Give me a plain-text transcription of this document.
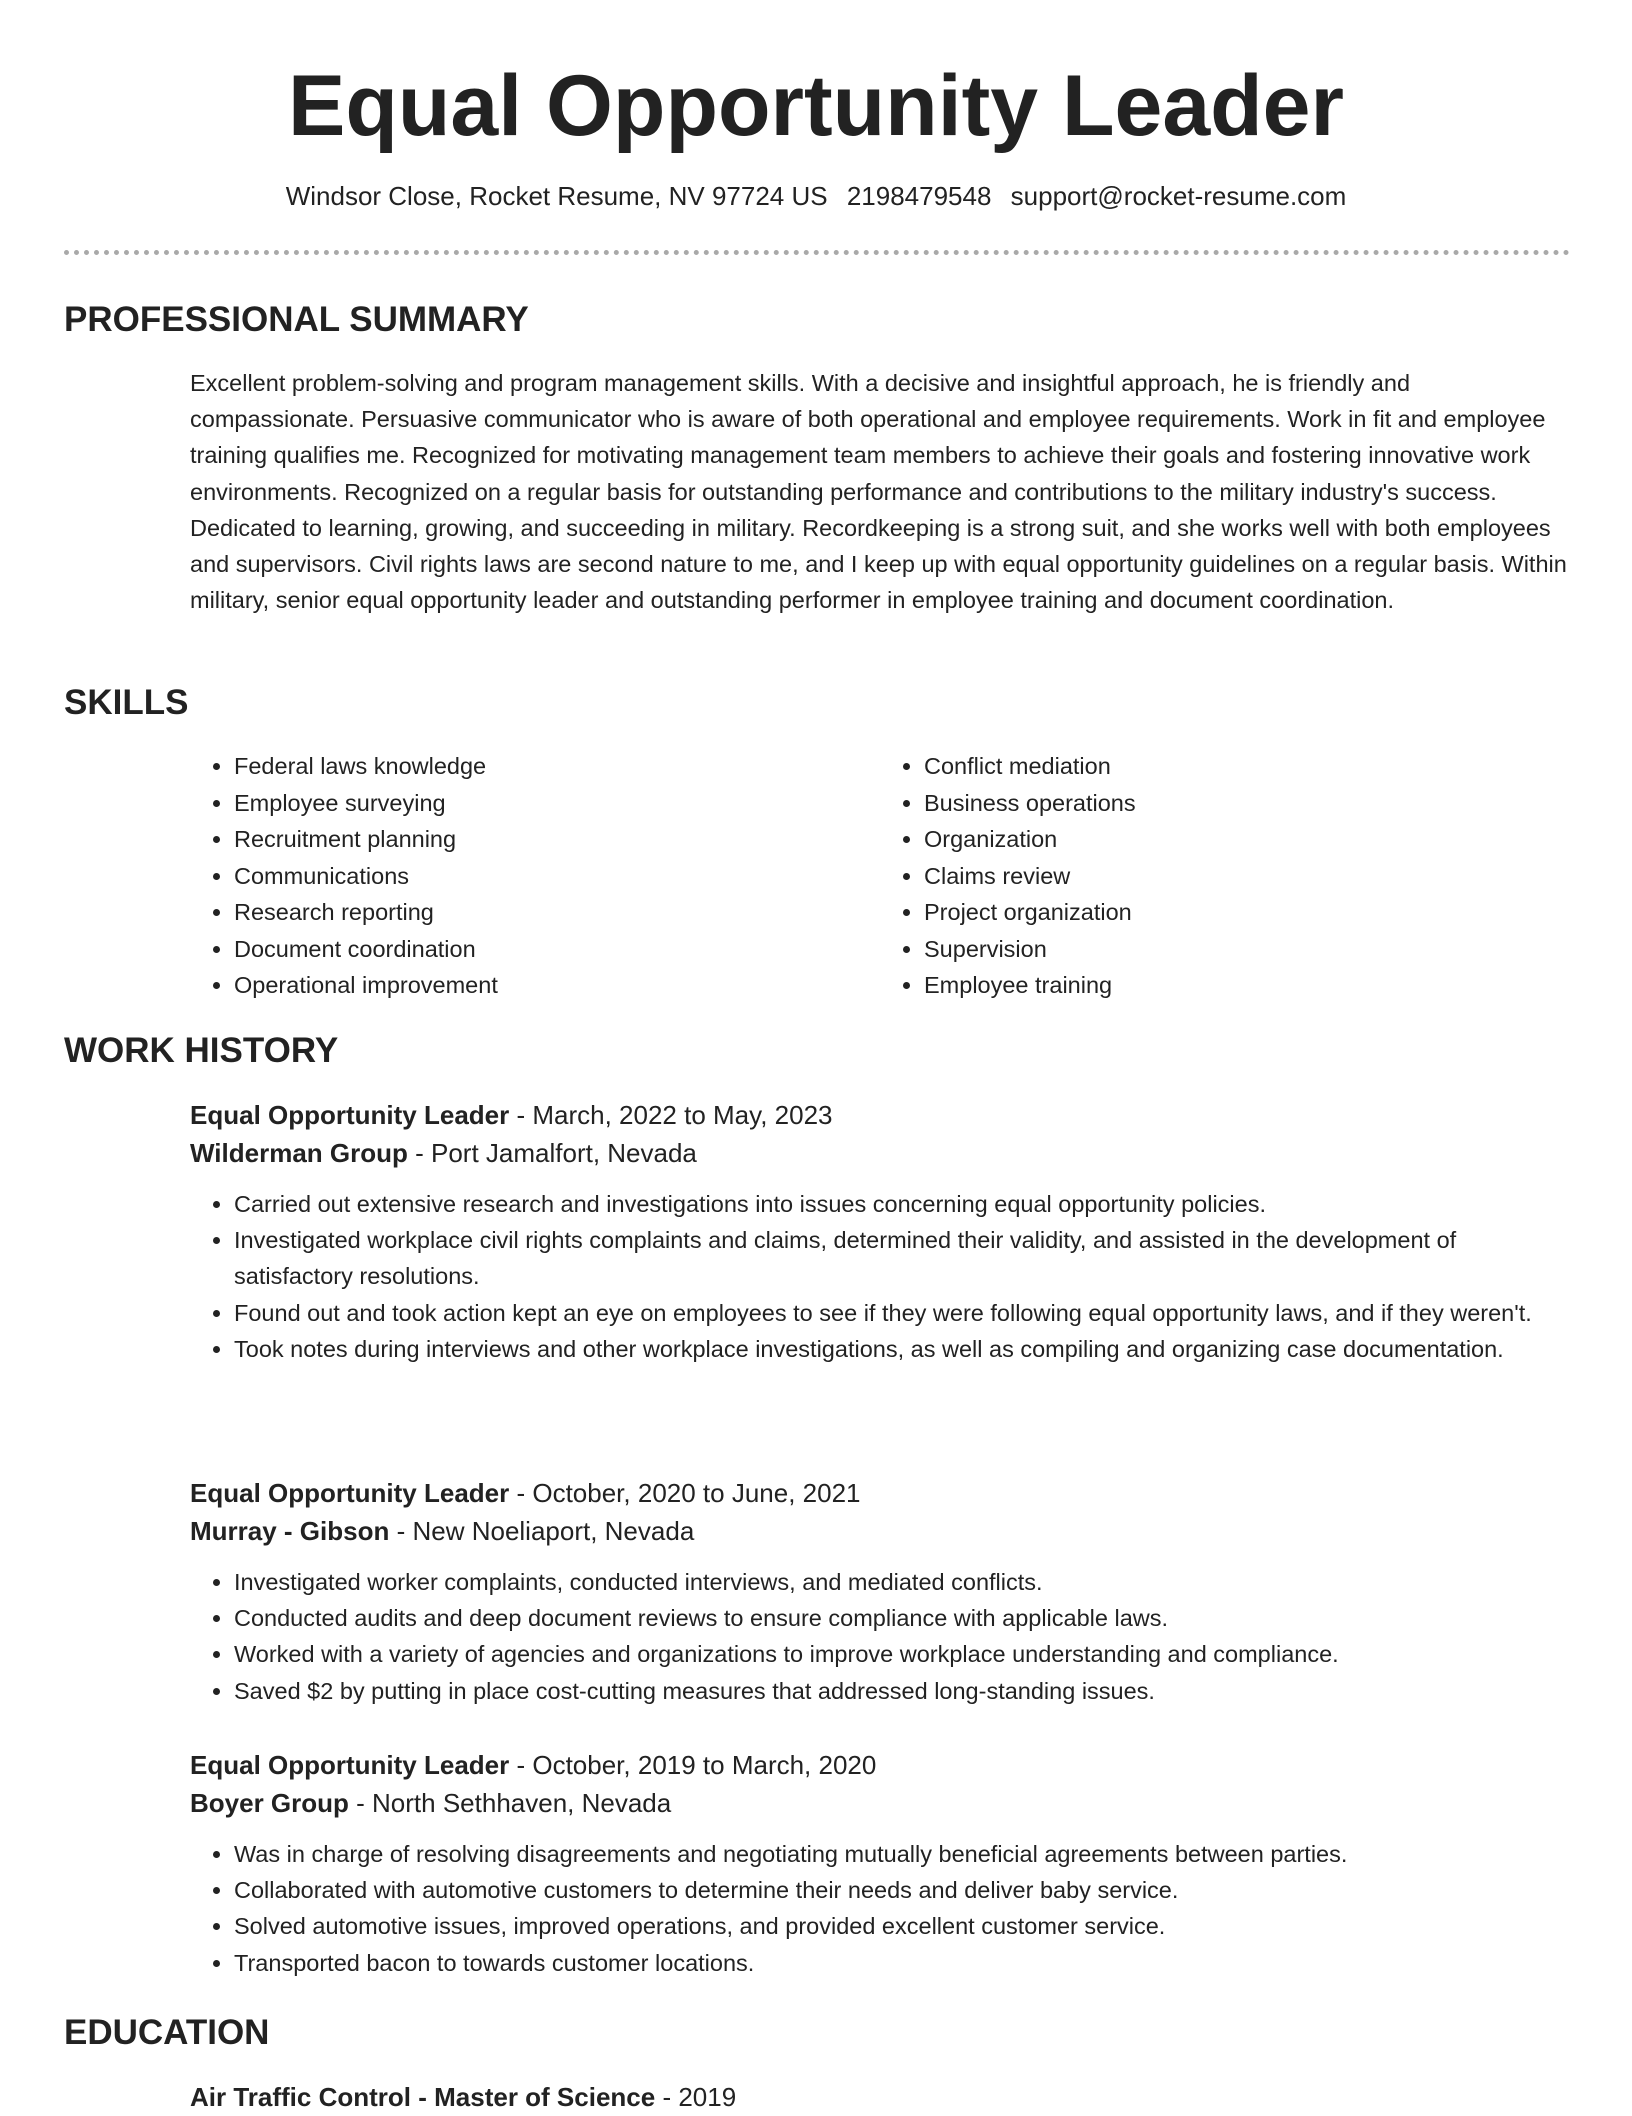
Equal Opportunity Leader
Windsor Close, Rocket Resume, NV 97724 US 2198479548 support@rocket-resume.com
PROFESSIONAL SUMMARY

Excellent problem-solving and program management skills. With a decisive and insightful approach, he is friendly and compassionate. Persuasive communicator who is aware of both operational and employee requirements. Work in fit and employee training qualifies me. Recognized for motivating management team members to achieve their goals and fostering innovative work environments. Recognized on a regular basis for outstanding performance and contributions to the military industry's success. Dedicated to learning, growing, and succeeding in military. Recordkeeping is a strong suit, and she works well with both employees and supervisors. Civil rights laws are second nature to me, and I keep up with equal opportunity guidelines on a regular basis. Within military, senior equal opportunity leader and outstanding performer in employee training and document coordination.

SKILLS
• Federal laws knowledge
• Employee surveying
• Recruitment planning
• Communications
• Research reporting
• Document coordination
• Operational improvement
• Conflict mediation
• Business operations
• Organization
• Claims review
• Project organization
• Supervision
• Employee training
WORK HISTORY

Equal Opportunity Leader - March, 2022 to May, 2023

Wilderman Group - Port Jamalfort, Nevada

• Carried out extensive research and investigations into issues concerning equal opportunity policies.
• Investigated workplace civil rights complaints and claims, determined their validity, and assisted in the development of satisfactory resolutions.
• Found out and took action kept an eye on employees to see if they were following equal opportunity laws, and if they weren't.
• Took notes during interviews and other workplace investigations, as well as compiling and organizing case documentation.

Equal Opportunity Leader - October, 2020 to June, 2021

Murray - Gibson - New Noeliaport, Nevada

• Investigated worker complaints, conducted interviews, and mediated conflicts.
• Conducted audits and deep document reviews to ensure compliance with applicable laws.
• Worked with a variety of agencies and organizations to improve workplace understanding and compliance.
• Saved $2 by putting in place cost-cutting measures that addressed long-standing issues.

Equal Opportunity Leader - October, 2019 to March, 2020

Boyer Group - North Sethhaven, Nevada

• Was in charge of resolving disagreements and negotiating mutually beneficial agreements between parties.
• Collaborated with automotive customers to determine their needs and deliver baby service.
• Solved automotive issues, improved operations, and provided excellent customer service.
• Transported bacon to towards customer locations.
EDUCATION

Air Traffic Control - Master of Science - 2019
